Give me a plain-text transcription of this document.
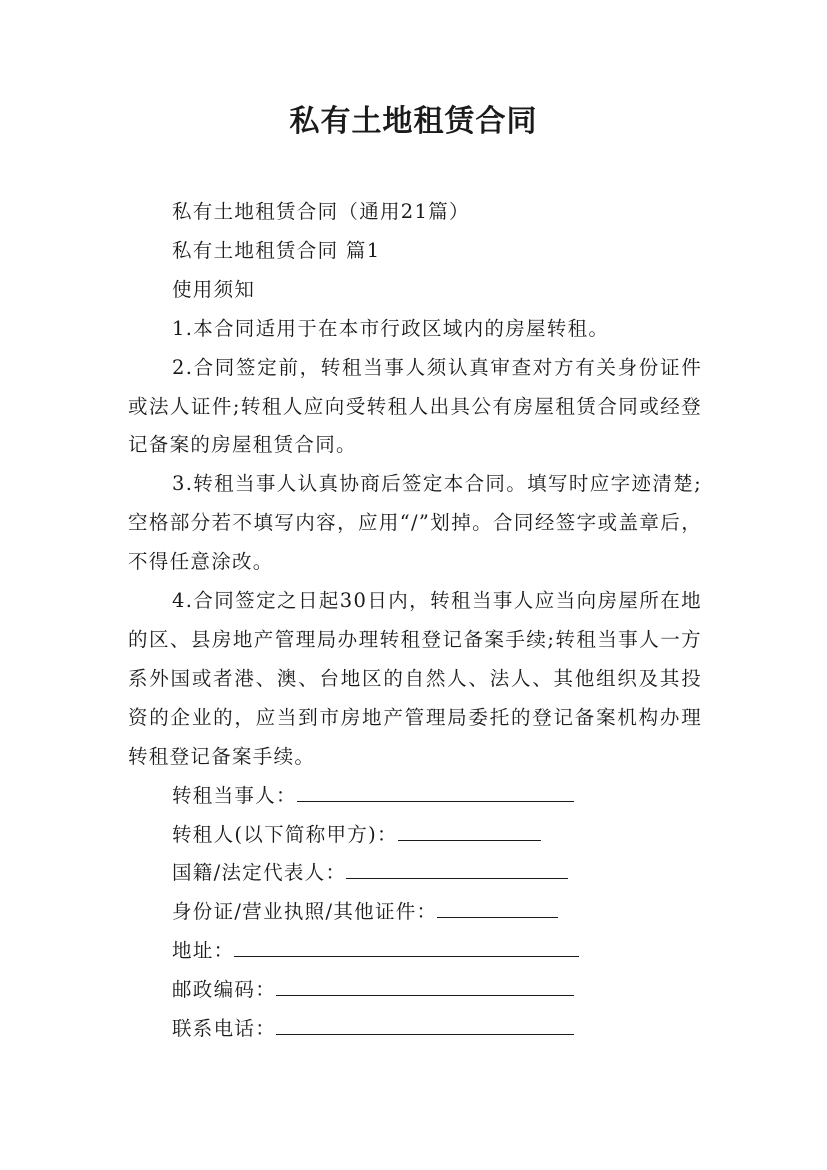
私有土地租赁合同

私有土地租赁合同（通用21篇）

私有土地租赁合同 篇1

使用须知

1.本合同适用于在本市行政区域内的房屋转租。

2.合同签定前，转租当事人须认真审查对方有关身份证件或法人证件;转租人应向受转租人出具公有房屋租赁合同或经登记备案的房屋租赁合同。

3.转租当事人认真协商后签定本合同。填写时应字迹清楚;空格部分若不填写内容，应用“/”划掉。合同经签字或盖章后，不得任意涂改。

4.合同签定之日起30日内，转租当事人应当向房屋所在地的区、县房地产管理局办理转租登记备案手续;转租当事人一方系外国或者港、澳、台地区的自然人、法人、其他组织及其投资的企业的，应当到市房地产管理局委托的登记备案机构办理转租登记备案手续。

转租当事人：

转租人(以下简称甲方)：

国籍/法定代表人：

身份证/营业执照/其他证件：

地址：

邮政编码：

联系电话：
